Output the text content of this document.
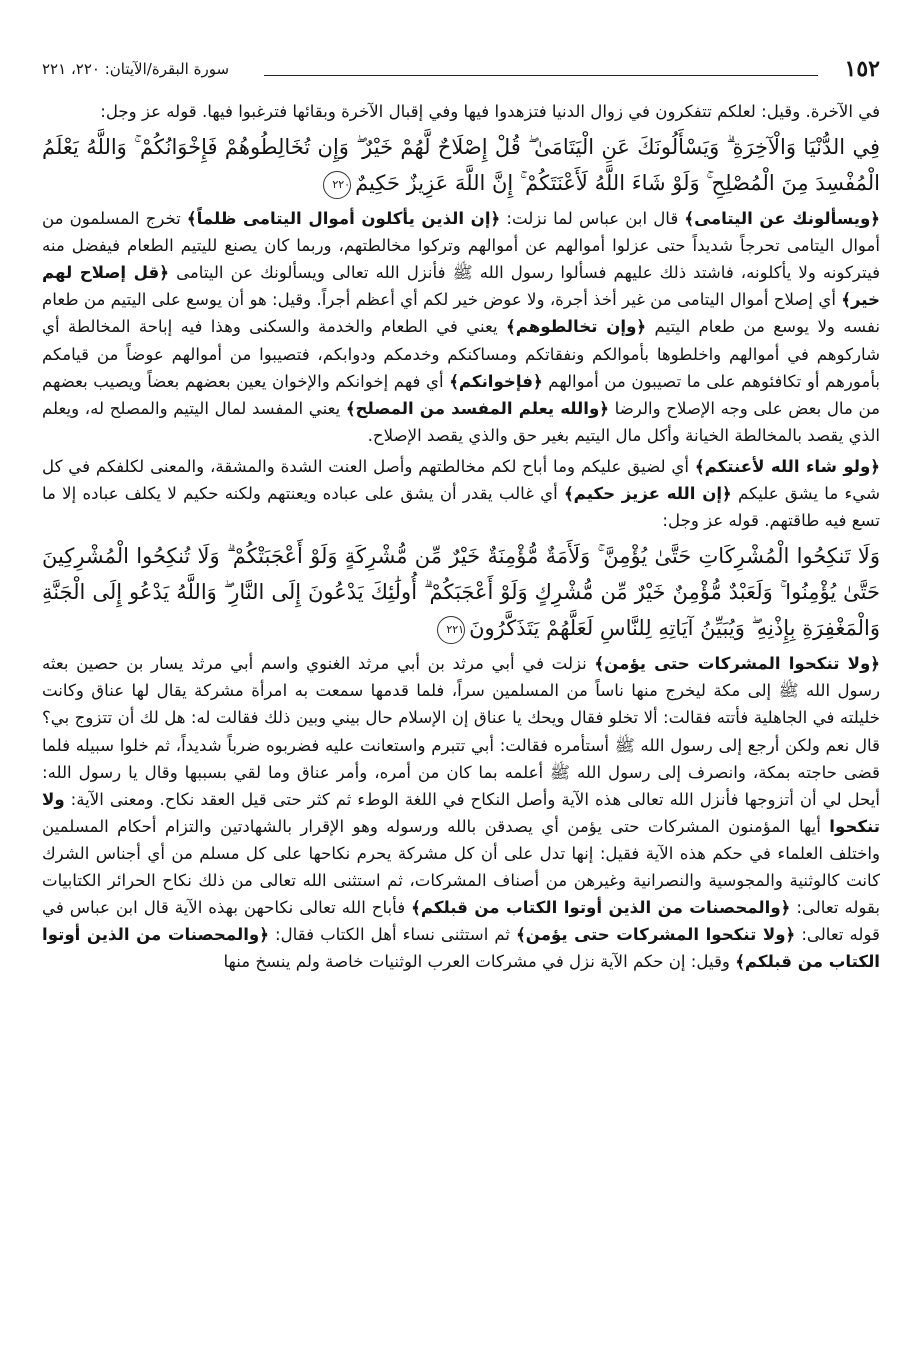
١٥٢
سورة البقرة/الآيتان: ٢٢٠، ٢٢١

في الآخرة. وقيل: لعلكم تتفكرون في زوال الدنيا فتزهدوا فيها وفي إقبال الآخرة وبقائها فترغبوا فيها. قوله عز وجل:

فِي الدُّنْيَا وَالْآخِرَةِ ۗ وَيَسْأَلُونَكَ عَنِ الْيَتَامَىٰ ۖ قُلْ إِصْلَاحٌ لَّهُمْ خَيْرٌ ۖ وَإِن تُخَالِطُوهُمْ فَإِخْوَانُكُمْ ۚ وَاللَّهُ يَعْلَمُ الْمُفْسِدَ مِنَ الْمُصْلِحِ ۚ وَلَوْ شَاءَ اللَّهُ لَأَعْنَتَكُمْ ۚ إِنَّ اللَّهَ عَزِيزٌ حَكِيمٌ٢٢٠

﴿ويسألونك عن اليتامى﴾ قال ابن عباس لما نزلت: ﴿إن الذين يأكلون أموال اليتامى ظلماً﴾ تخرج المسلمون من أموال اليتامى تحرجاً شديداً حتى عزلوا أموالهم عن أموالهم وتركوا مخالطتهم، وربما كان يصنع لليتيم الطعام فيفضل منه فيتركونه ولا يأكلونه، فاشتد ذلك عليهم فسألوا رسول الله ﷺ فأنزل الله تعالى ويسألونك عن اليتامى ﴿قل إصلاح لهم خير﴾ أي إصلاح أموال اليتامى من غير أخذ أجرة، ولا عوض خير لكم أي أعظم أجراً. وقيل: هو أن يوسع على اليتيم من طعام نفسه ولا يوسع من طعام اليتيم ﴿وإن تخالطوهم﴾ يعني في الطعام والخدمة والسكنى وهذا فيه إباحة المخالطة أي شاركوهم في أموالهم واخلطوها بأموالكم ونفقاتكم ومساكنكم وخدمكم ودوابكم، فتصيبوا من أموالهم عوضاً من قيامكم بأمورهم أو تكافئوهم على ما تصيبون من أموالهم ﴿فإخوانكم﴾ أي فهم إخوانكم والإخوان يعين بعضهم بعضاً ويصيب بعضهم من مال بعض على وجه الإصلاح والرضا ﴿والله يعلم المفسد من المصلح﴾ يعني المفسد لمال اليتيم والمصلح له، ويعلم الذي يقصد بالمخالطة الخيانة وأكل مال اليتيم بغير حق والذي يقصد الإصلاح.

﴿ولو شاء الله لأعنتكم﴾ أي لضيق عليكم وما أباح لكم مخالطتهم وأصل العنت الشدة والمشقة، والمعنى لكلفكم في كل شيء ما يشق عليكم ﴿إن الله عزيز حكيم﴾ أي غالب يقدر أن يشق على عباده ويعنتهم ولكنه حكيم لا يكلف عباده إلا ما تسع فيه طاقتهم. قوله عز وجل:

وَلَا تَنكِحُوا الْمُشْرِكَاتِ حَتَّىٰ يُؤْمِنَّ ۚ وَلَأَمَةٌ مُّؤْمِنَةٌ خَيْرٌ مِّن مُّشْرِكَةٍ وَلَوْ أَعْجَبَتْكُمْ ۗ وَلَا تُنكِحُوا الْمُشْرِكِينَ حَتَّىٰ يُؤْمِنُوا ۚ وَلَعَبْدٌ مُّؤْمِنٌ خَيْرٌ مِّن مُّشْرِكٍ وَلَوْ أَعْجَبَكُمْ ۗ أُولَٰئِكَ يَدْعُونَ إِلَى النَّارِ ۖ وَاللَّهُ يَدْعُو إِلَى الْجَنَّةِ وَالْمَغْفِرَةِ بِإِذْنِهِ ۖ وَيُبَيِّنُ آيَاتِهِ لِلنَّاسِ لَعَلَّهُمْ يَتَذَكَّرُونَ٢٢١

﴿ولا تنكحوا المشركات حتى يؤمن﴾ نزلت في أبي مرثد بن أبي مرثد الغنوي واسم أبي مرثد يسار بن حصين بعثه رسول الله ﷺ إلى مكة ليخرج منها ناساً من المسلمين سراً، فلما قدمها سمعت به امرأة مشركة يقال لها عناق وكانت خليلته في الجاهلية فأتته فقالت: ألا تخلو فقال ويحك يا عناق إن الإسلام حال بيني وبين ذلك فقالت له: هل لك أن تتزوج بي؟ قال نعم ولكن أرجع إلى رسول الله ﷺ أستأمره فقالت: أبي تتبرم واستعانت عليه فضربوه ضرباً شديداً، ثم خلوا سبيله فلما قضى حاجته بمكة، وانصرف إلى رسول الله ﷺ أعلمه بما كان من أمره، وأمر عناق وما لقي بسببها وقال يا رسول الله: أيحل لي أن أتزوجها فأنزل الله تعالى هذه الآية وأصل النكاح في اللغة الوطء ثم كثر حتى قيل العقد نكاح. ومعنى الآية: ولا تنكحوا أيها المؤمنون المشركات حتى يؤمن أي يصدقن بالله ورسوله وهو الإقرار بالشهادتين والتزام أحكام المسلمين واختلف العلماء في حكم هذه الآية فقيل: إنها تدل على أن كل مشركة يحرم نكاحها على كل مسلم من أي أجناس الشرك كانت كالوثنية والمجوسية والنصرانية وغيرهن من أصناف المشركات، ثم استثنى الله تعالى من ذلك نكاح الحرائر الكتابيات بقوله تعالى: ﴿والمحصنات من الذين أوتوا الكتاب من قبلكم﴾ فأباح الله تعالى نكاحهن بهذه الآية قال ابن عباس في قوله تعالى: ﴿ولا تنكحوا المشركات حتى يؤمن﴾ ثم استثنى نساء أهل الكتاب فقال: ﴿والمحصنات من الذين أوتوا الكتاب من قبلكم﴾ وقيل: إن حكم الآية نزل في مشركات العرب الوثنيات خاصة ولم ينسخ منها
